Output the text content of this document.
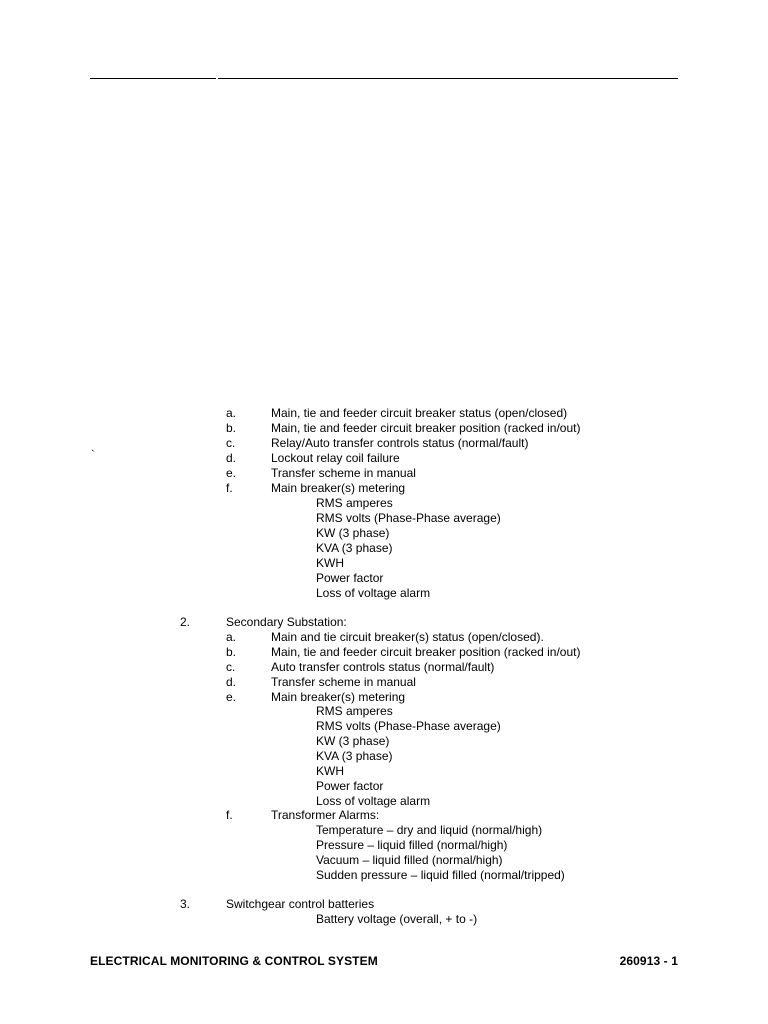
`
a.	Main, tie and feeder circuit breaker status (open/closed)
b.	Main, tie and feeder circuit breaker position (racked in/out)
c.	Relay/Auto transfer controls status (normal/fault)
d.	Lockout relay coil failure
e.	Transfer scheme in manual
f.	Main breaker(s) metering
RMS amperes
RMS volts (Phase-Phase average)
KW (3 phase)
KVA (3 phase)
KWH
Power factor
Loss of voltage alarm
2.	Secondary Substation:
a.	Main and tie circuit breaker(s) status (open/closed).
b.	Main, tie and feeder circuit breaker position (racked in/out)
c.	Auto transfer controls status (normal/fault)
d.	Transfer scheme in manual
e.	Main breaker(s) metering
RMS amperes
RMS volts (Phase-Phase average)
KW (3 phase)
KVA (3 phase)
KWH
Power factor
Loss of voltage alarm
f.	Transformer Alarms:
Temperature – dry and liquid (normal/high)
Pressure – liquid filled (normal/high)
Vacuum – liquid filled (normal/high)
Sudden pressure – liquid filled (normal/tripped)
3.	Switchgear control batteries
Battery voltage (overall, + to -)
ELECTRICAL MONITORING & CONTROL SYSTEM	260913 - 1
